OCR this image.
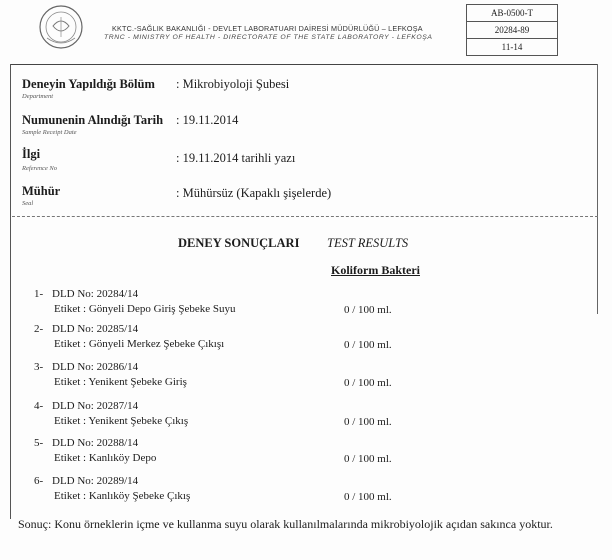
KKTC.-SAĞLIK BAKANLIĞI - DEVLET LABORATUARI DAİRESİ MÜDÜRLÜĞÜ – LEFKOŞA
TRNC - MINISTRY OF HEALTH - DIRECTORATE OF THE STATE LABORATORY - LEFKOŞA
AB-0500-T
20284-89
11-14
Deneyin Yapıldığı Bölüm
Department
: Mikrobiyoloji Şubesi
Numunenin Alındığı Tarih
Sample Receipt Date
: 19.11.2014
İlgi
Reference No
: 19.11.2014 tarihli yazı
Mühür
Seal
: Mühürsüz (Kapaklı şişelerde)
DENEY SONUÇLARI TEST RESULTS
Koliform Bakteri
1- DLD No: 20284/14
Etiket : Gönyeli Depo Giriş Şebeke Suyu	0 / 100 ml.
2- DLD No: 20285/14
Etiket : Gönyeli Merkez Şebeke Çıkışı	0 / 100 ml.
3- DLD No: 20286/14
Etiket : Yenikent Şebeke Giriş	0 / 100 ml.
4- DLD No: 20287/14
Etiket : Yenikent Şebeke Çıkış	0 / 100 ml.
5- DLD No: 20288/14
Etiket : Kanlıköy Depo	0 / 100 ml.
6- DLD No: 20289/14
Etiket : Kanlıköy Şebeke Çıkış	0 / 100 ml.
Sonuç: Konu örneklerin içme ve kullanma suyu olarak kullanılmalarında mikrobiyolojik açıdan sakınca yoktur.
